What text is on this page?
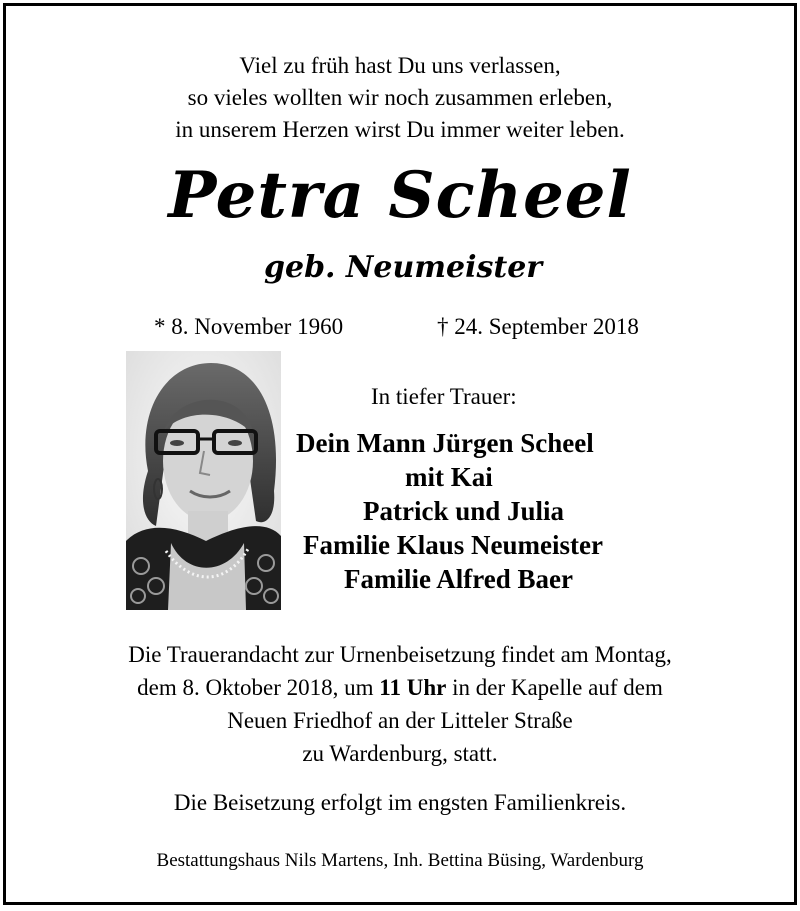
Viel zu früh hast Du uns verlassen,
so vieles wollten wir noch zusammen erleben,
in unserem Herzen wirst Du immer weiter leben.
Petra Scheel
geb. Neumeister
* 8. November 1960	† 24. September 2018
In tiefer Trauer:
Dein Mann Jürgen Scheel
mit Kai
Patrick und Julia
Familie Klaus Neumeister
Familie Alfred Baer
Die Trauerandacht zur Urnenbeisetzung findet am Montag,
dem 8. Oktober 2018, um 11 Uhr in der Kapelle auf dem
Neuen Friedhof an der Litteler Straße
zu Wardenburg, statt.
Die Beisetzung erfolgt im engsten Familienkreis.
Bestattungshaus Nils Martens, Inh. Bettina Büsing, Wardenburg
